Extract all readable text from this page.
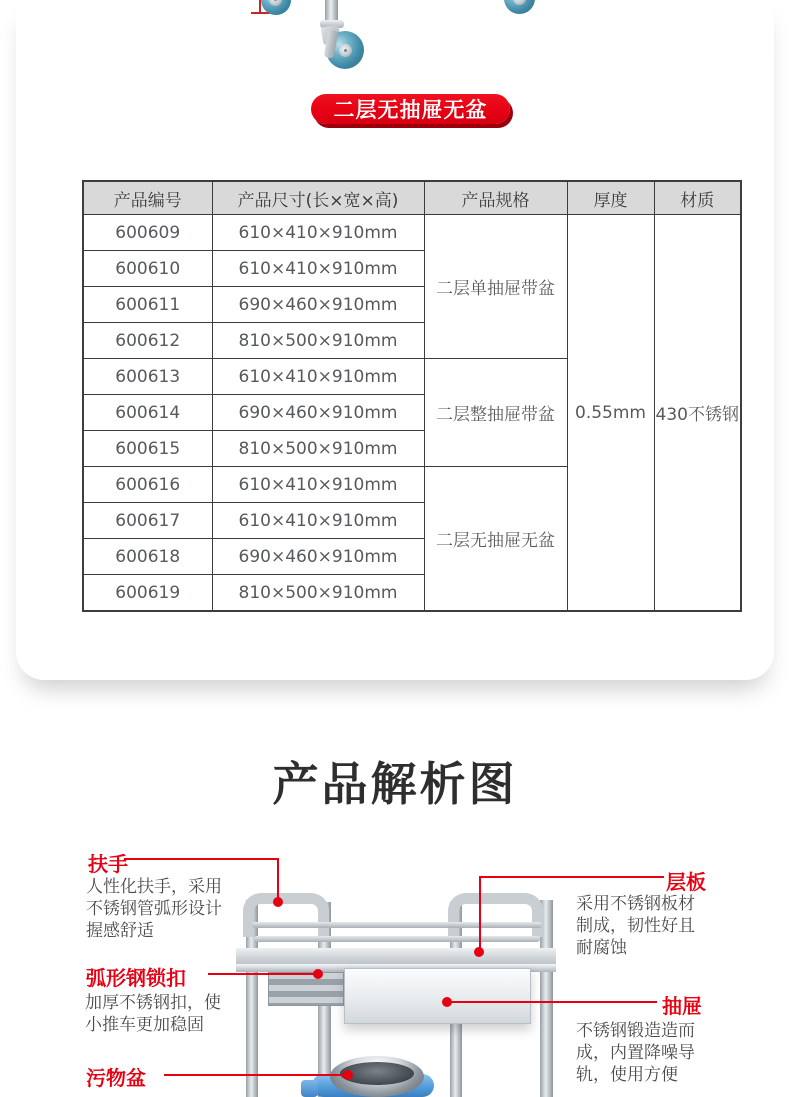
二层无抽屉无盆
产品编号	产品尺寸(长×宽×高)	产品规格	厚度	材质
600609	610×410×910mm	二层单抽屉带盆	0.55mm	430不锈钢
600610	610×410×910mm			
600611	690×460×910mm			
600612	810×500×910mm			
600613	610×410×910mm	二层整抽屉带盆		
600614	690×460×910mm			
600615	810×500×910mm			
600616	610×410×910mm	二层无抽屉无盆		
600617	610×410×910mm			
600618	690×460×910mm			
600619	810×500×910mm			
产品解析图
扶手
人性化扶手，采用不锈钢管弧形设计握感舒适
层板
采用不锈钢板材制成，韧性好且耐腐蚀
弧形钢锁扣
加厚不锈钢扣，使小推车更加稳固
抽屉
不锈钢锻造造而成，内置降噪导轨，使用方便
污物盆
